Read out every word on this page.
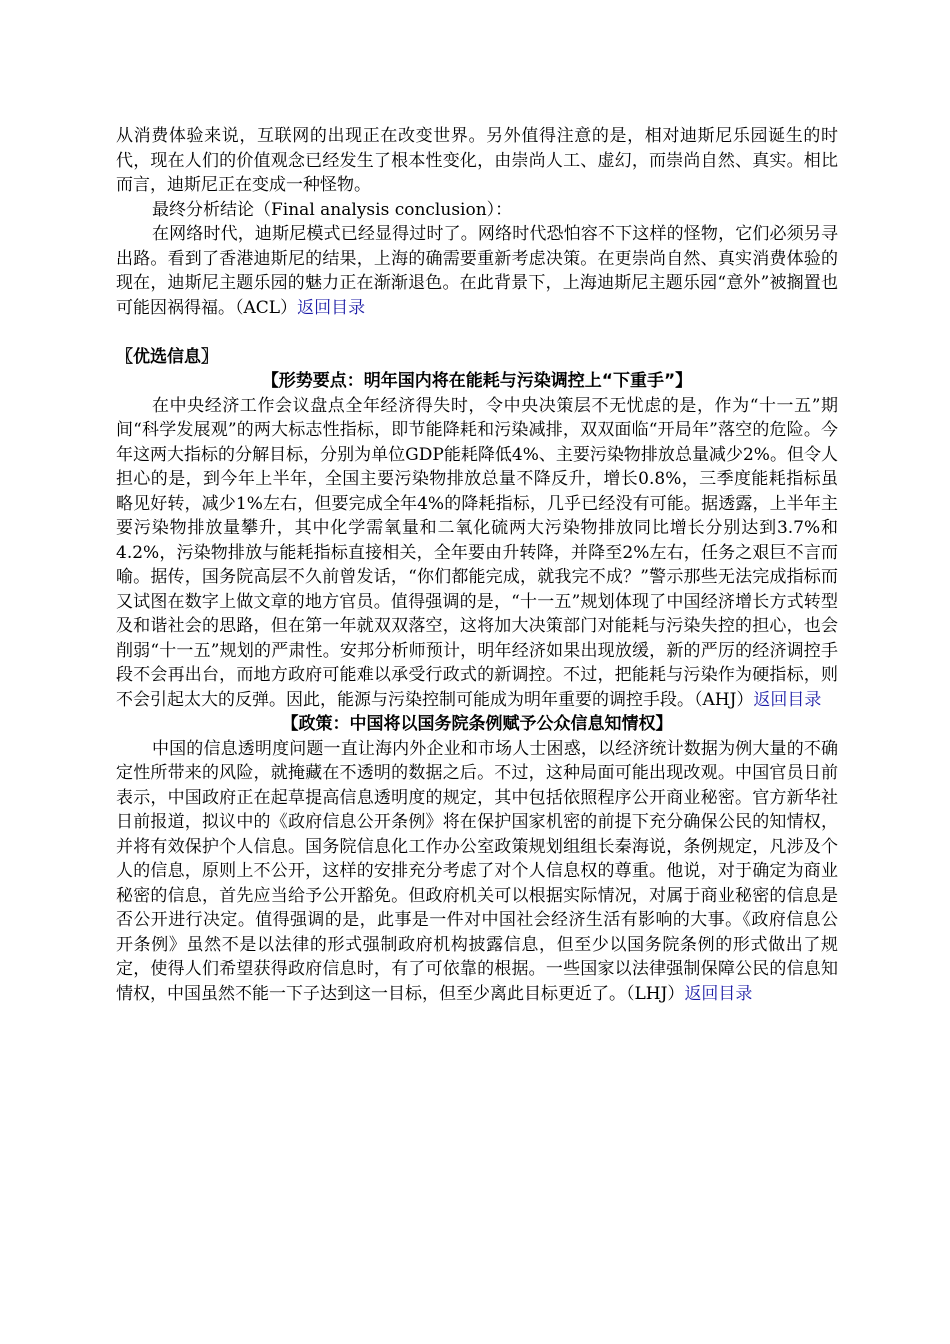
从消费体验来说，互联网的出现正在改变世界。另外值得注意的是，相对迪斯尼乐园诞生的时代，现在人们的价值观念已经发生了根本性变化，由崇尚人工、虚幻，而崇尚自然、真实。相比而言，迪斯尼正在变成一种怪物。

最终分析结论（Final analysis conclusion）：

在网络时代，迪斯尼模式已经显得过时了。网络时代恐怕容不下这样的怪物，它们必须另寻出路。看到了香港迪斯尼的结果，上海的确需要重新考虑决策。在更崇尚自然、真实消费体验的现在，迪斯尼主题乐园的魅力正在渐渐退色。在此背景下，上海迪斯尼主题乐园“意外”被搁置也可能因祸得福。（ACL）返回目录

〖优选信息〗

【形势要点：明年国内将在能耗与污染调控上“下重手”】

在中央经济工作会议盘点全年经济得失时，令中央决策层不无忧虑的是，作为“十一五”期间“科学发展观”的两大标志性指标，即节能降耗和污染减排，双双面临“开局年”落空的危险。今年这两大指标的分解目标，分别为单位GDP能耗降低4%、主要污染物排放总量减少2%。但令人担心的是，到今年上半年，全国主要污染物排放总量不降反升，增长0.8%，三季度能耗指标虽略见好转，减少1%左右，但要完成全年4%的降耗指标，几乎已经没有可能。据透露，上半年主要污染物排放量攀升，其中化学需氧量和二氧化硫两大污染物排放同比增长分别达到3.7%和4.2%，污染物排放与能耗指标直接相关，全年要由升转降，并降至2%左右，任务之艰巨不言而喻。据传，国务院高层不久前曾发话，“你们都能完成，就我完不成？”警示那些无法完成指标而又试图在数字上做文章的地方官员。值得强调的是，“十一五”规划体现了中国经济增长方式转型及和谐社会的思路，但在第一年就双双落空，这将加大决策部门对能耗与污染失控的担心，也会削弱“十一五”规划的严肃性。安邦分析师预计，明年经济如果出现放缓，新的严厉的经济调控手段不会再出台，而地方政府可能难以承受行政式的新调控。不过，把能耗与污染作为硬指标，则不会引起太大的反弹。因此，能源与污染控制可能成为明年重要的调控手段。（AHJ）返回目录

【政策：中国将以国务院条例赋予公众信息知情权】

中国的信息透明度问题一直让海内外企业和市场人士困惑，以经济统计数据为例大量的不确定性所带来的风险，就掩藏在不透明的数据之后。不过，这种局面可能出现改观。中国官员日前表示，中国政府正在起草提高信息透明度的规定，其中包括依照程序公开商业秘密。官方新华社日前报道，拟议中的《政府信息公开条例》将在保护国家机密的前提下充分确保公民的知情权，并将有效保护个人信息。国务院信息化工作办公室政策规划组组长秦海说，条例规定，凡涉及个人的信息，原则上不公开，这样的安排充分考虑了对个人信息权的尊重。他说，对于确定为商业秘密的信息，首先应当给予公开豁免。但政府机关可以根据实际情况，对属于商业秘密的信息是否公开进行决定。值得强调的是，此事是一件对中国社会经济生活有影响的大事。《政府信息公开条例》虽然不是以法律的形式强制政府机构披露信息，但至少以国务院条例的形式做出了规定，使得人们希望获得政府信息时，有了可依靠的根据。一些国家以法律强制保障公民的信息知情权，中国虽然不能一下子达到这一目标，但至少离此目标更近了。（LHJ）返回目录
